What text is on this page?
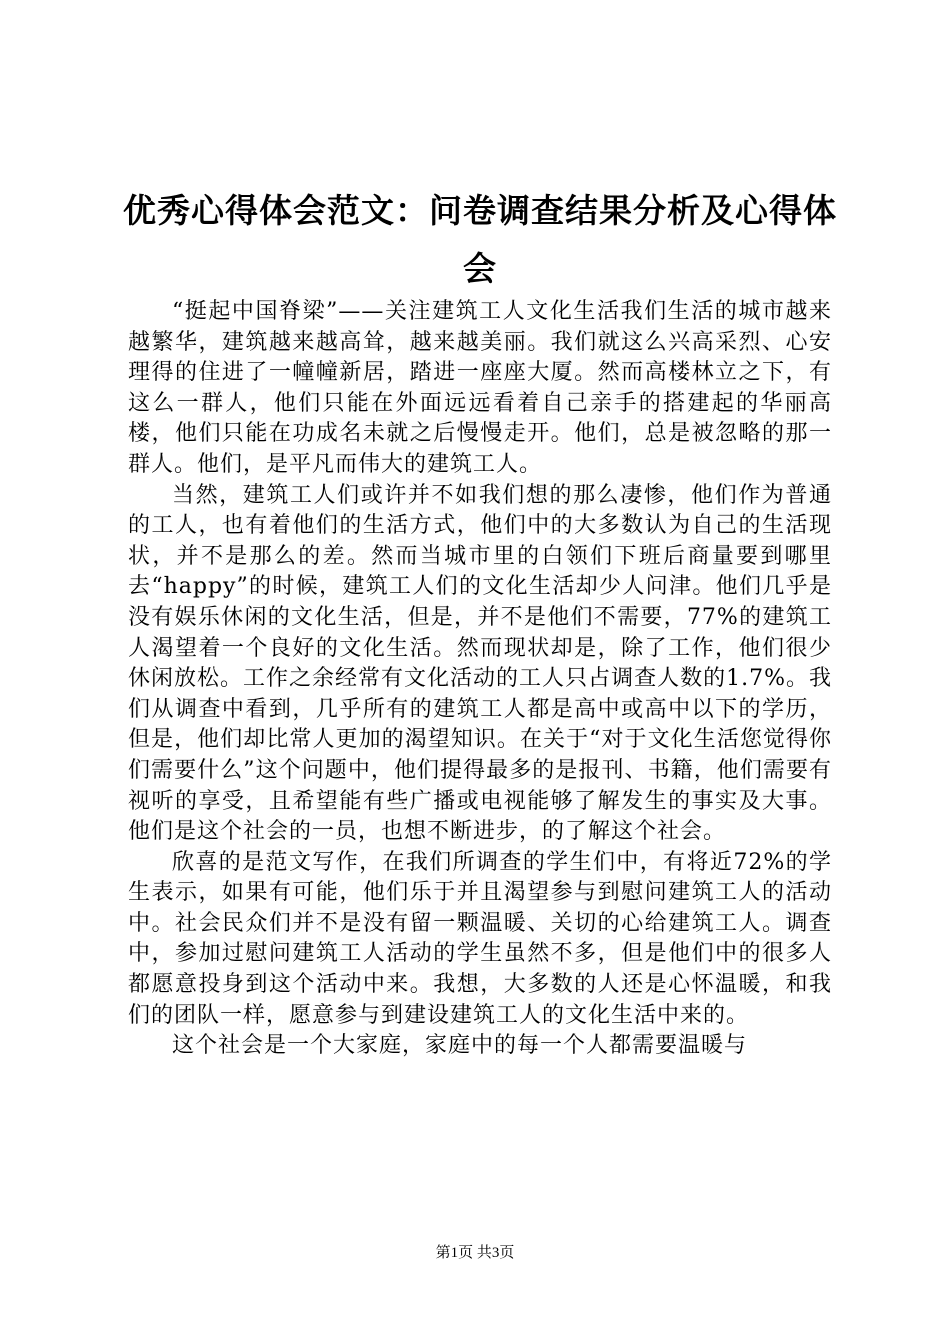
优秀心得体会范文：问卷调查结果分析及心得体会

“挺起中国脊梁”——关注建筑工人文化生活我们生活的城市越来越繁华，建筑越来越高耸，越来越美丽。我们就这么兴高采烈、心安理得的住进了一幢幢新居，踏进一座座大厦。然而高楼林立之下，有这么一群人，他们只能在外面远远看着自己亲手的搭建起的华丽高楼，他们只能在功成名未就之后慢慢走开。他们，总是被忽略的那一群人。他们，是平凡而伟大的建筑工人。

当然，建筑工人们或许并不如我们想的那么凄惨，他们作为普通的工人，也有着他们的生活方式，他们中的大多数认为自己的生活现状，并不是那么的差。然而当城市里的白领们下班后商量要到哪里去“happy”的时候，建筑工人们的文化生活却少人问津。他们几乎是没有娱乐休闲的文化生活，但是，并不是他们不需要，77%的建筑工人渴望着一个良好的文化生活。然而现状却是，除了工作，他们很少休闲放松。工作之余经常有文化活动的工人只占调查人数的1.7%。我们从调查中看到，几乎所有的建筑工人都是高中或高中以下的学历，但是，他们却比常人更加的渴望知识。在关于“对于文化生活您觉得你们需要什么”这个问题中，他们提得最多的是报刊、书籍，他们需要有视听的享受，且希望能有些广播或电视能够了解发生的事实及大事。他们是这个社会的一员，也想不断进步，的了解这个社会。

欣喜的是范文写作，在我们所调查的学生们中，有将近72%的学生表示，如果有可能，他们乐于并且渴望参与到慰问建筑工人的活动中。社会民众们并不是没有留一颗温暖、关切的心给建筑工人。调查中，参加过慰问建筑工人活动的学生虽然不多，但是他们中的很多人都愿意投身到这个活动中来。我想，大多数的人还是心怀温暖，和我们的团队一样，愿意参与到建设建筑工人的文化生活中来的。

这个社会是一个大家庭，家庭中的每一个人都需要温暖与

第1页 共3页
